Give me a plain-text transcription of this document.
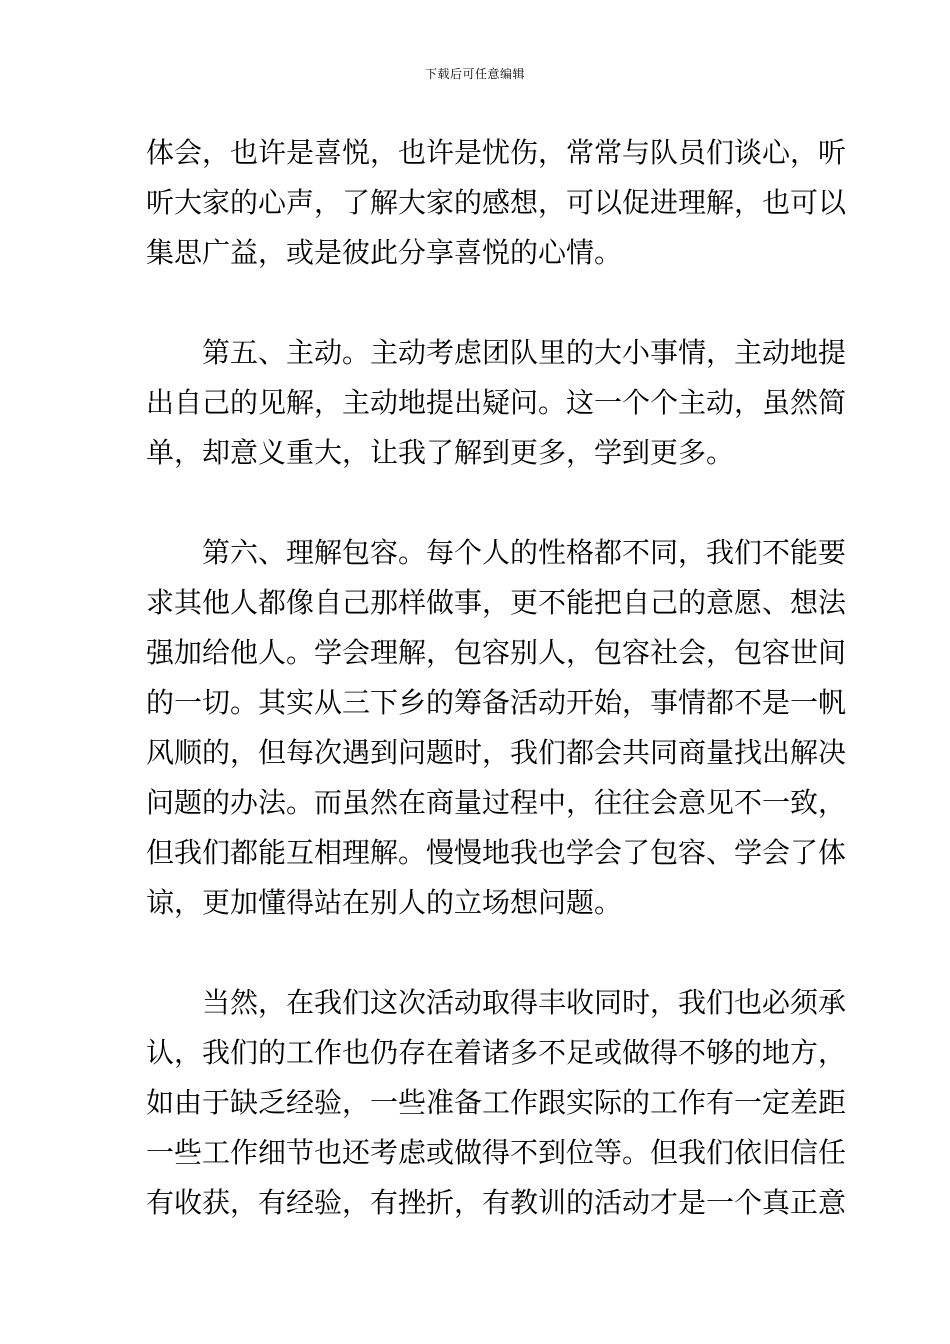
下载后可任意编辑
体会，也许是喜悦，也许是忧伤，常常与队员们谈心，听
听大家的心声，了解大家的感想，可以促进理解，也可以
集思广益，或是彼此分享喜悦的心情。
第五、主动。主动考虑团队里的大小事情，主动地提
出自己的见解，主动地提出疑问。这一个个主动，虽然简
单，却意义重大，让我了解到更多，学到更多。
第六、理解包容。每个人的性格都不同，我们不能要
求其他人都像自己那样做事，更不能把自己的意愿、想法
强加给他人。学会理解，包容别人，包容社会，包容世间
的一切。其实从三下乡的筹备活动开始，事情都不是一帆
风顺的，但每次遇到问题时，我们都会共同商量找出解决
问题的办法。而虽然在商量过程中，往往会意见不一致，
但我们都能互相理解。慢慢地我也学会了包容、学会了体
谅，更加懂得站在别人的立场想问题。
当然，在我们这次活动取得丰收同时，我们也必须承
认，我们的工作也仍存在着诸多不足或做得不够的地方，
如由于缺乏经验，一些准备工作跟实际的工作有一定差距
一些工作细节也还考虑或做得不到位等。但我们依旧信任
有收获，有经验，有挫折，有教训的活动才是一个真正意
